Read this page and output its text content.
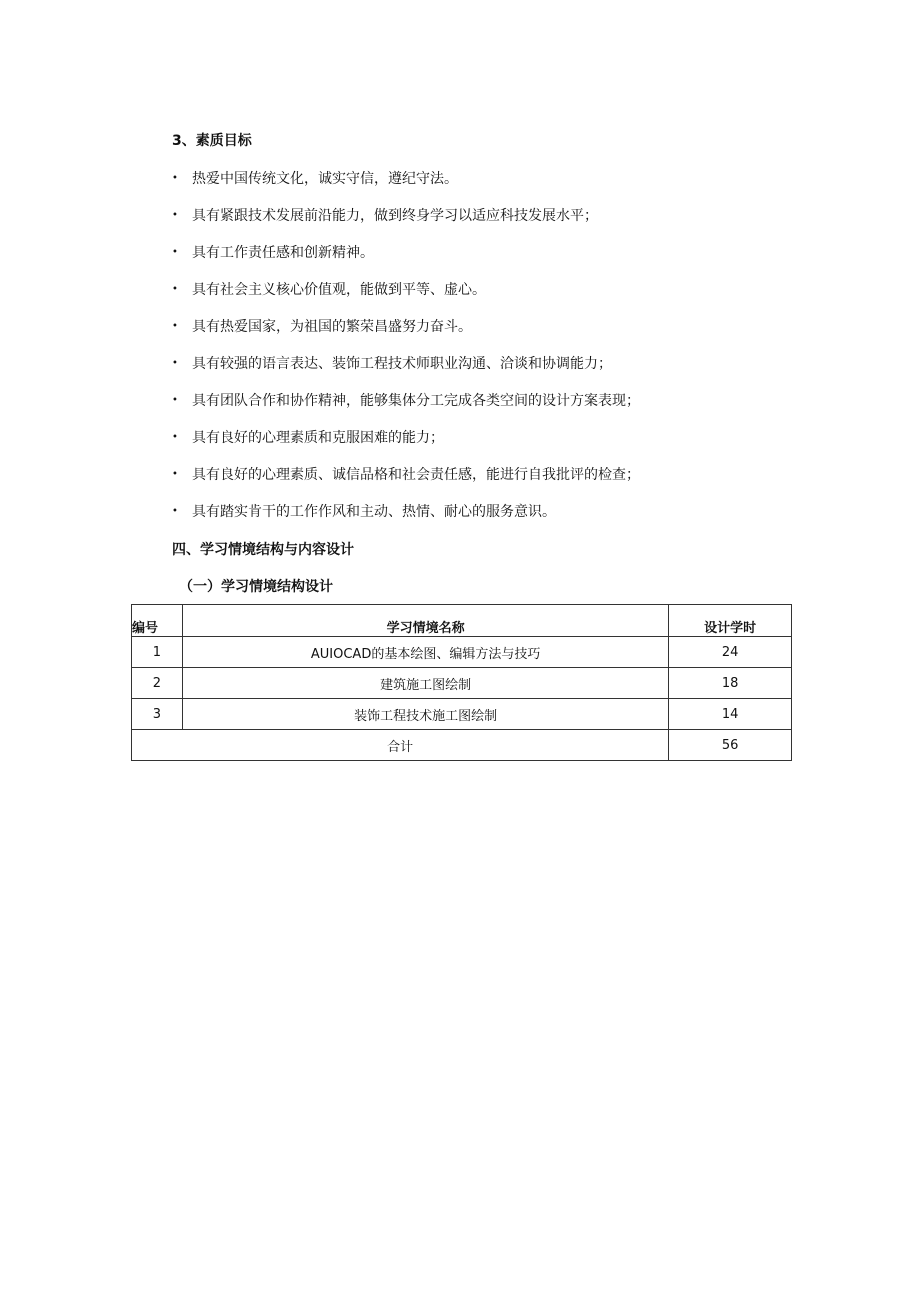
3、素质目标
•	热爱中国传统文化，诚实守信，遵纪守法。
•	具有紧跟技术发展前沿能力，做到终身学习以适应科技发展水平；
•	具有工作责任感和创新精神。
•	具有社会主义核心价值观，能做到平等、虚心。
•	具有热爱国家，为祖国的繁荣昌盛努力奋斗。
•	具有较强的语言表达、装饰工程技术师职业沟通、洽谈和协调能力；
•	具有团队合作和协作精神，能够集体分工完成各类空间的设计方案表现；
•	具有良好的心理素质和克服困难的能力；
•	具有良好的心理素质、诚信品格和社会责任感，能进行自我批评的检查；
•	具有踏实肯干的工作作风和主动、热情、耐心的服务意识。
四、学习情境结构与内容设计
（一）学习情境结构设计
编号	学习情境名称	设计学时
1	AUIOCAD的基本绘图、编辑方法与技巧	24
2	建筑施工图绘制	18
3	装饰工程技术施工图绘制	14
合计		56
